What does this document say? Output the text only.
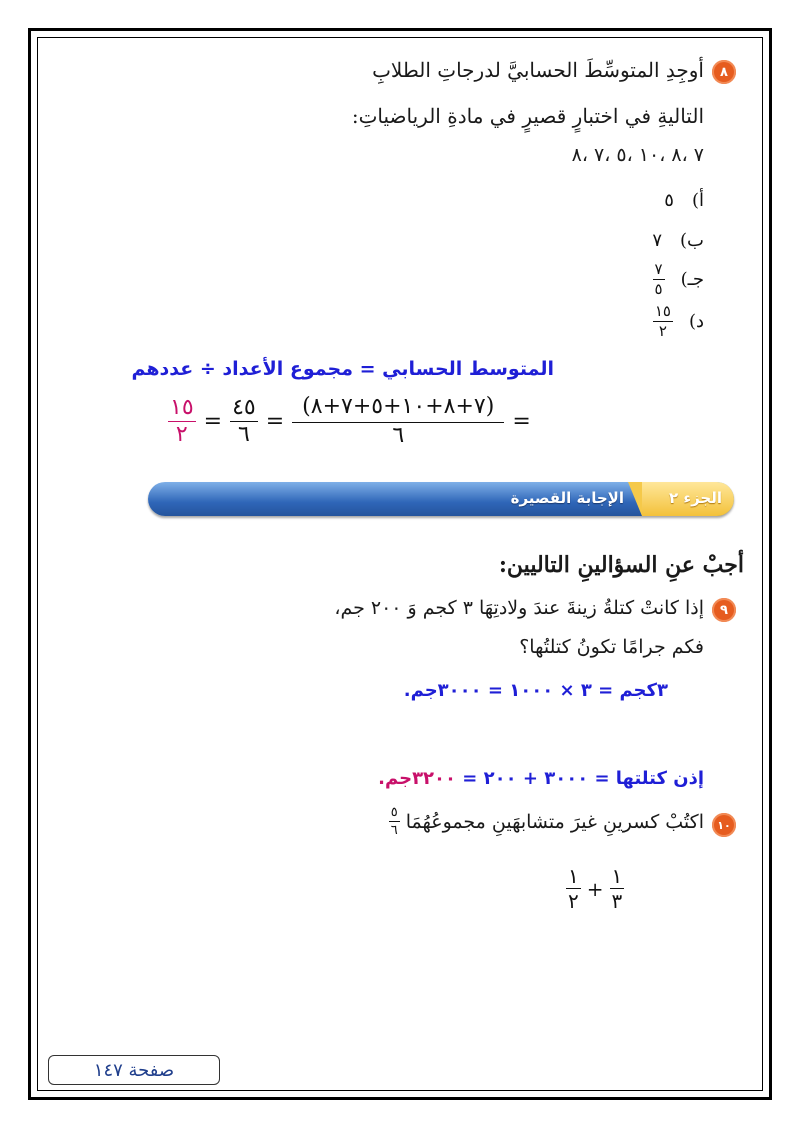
٨
أوجِدِ المتوسِّطَ الحسابيَّ لدرجاتِ الطلابِ
التاليةِ في اختبارٍ قصيرٍ في مادةِ الرياضياتِ:
٧ ،٨ ،١٠ ،٥ ،٧ ،٨
أ)
٥
ب)
٧
جـ)
$\frac{٧}{٥}$
د)
$\frac{١٥}{٢}$
المتوسط الحسابي = مجموع الأعداد ÷ عددهم
$\frac{١٥}{٢} = \frac{٤٥}{٦} = \frac{(٧+٨+١٠+٥+٧+٨)}{٦}$ =
الجزء ٢
الإجابة القصيرة
أجبْ عنِ السؤالينِ التاليين:
٩
إذا كانتْ كتلةُ زينةَ عندَ ولادتِهَا ٣ كجم وَ ٢٠٠ جم،
فكم جرامًا تكونُ كتلتُها؟
٣كجم = ٣ × ١٠٠٠ = ٣٠٠٠جم.
إذن كتلتها = ٣٠٠٠ + ٢٠٠ = ٣٢٠٠جم.
١٠
اكتُبْ كسرينِ غيرَ متشابهَينِ مجموعُهُمَا
$\frac{٥}{٦}$
$\frac{١}{٢} + \frac{١}{٣}$
صفحة ١٤٧
